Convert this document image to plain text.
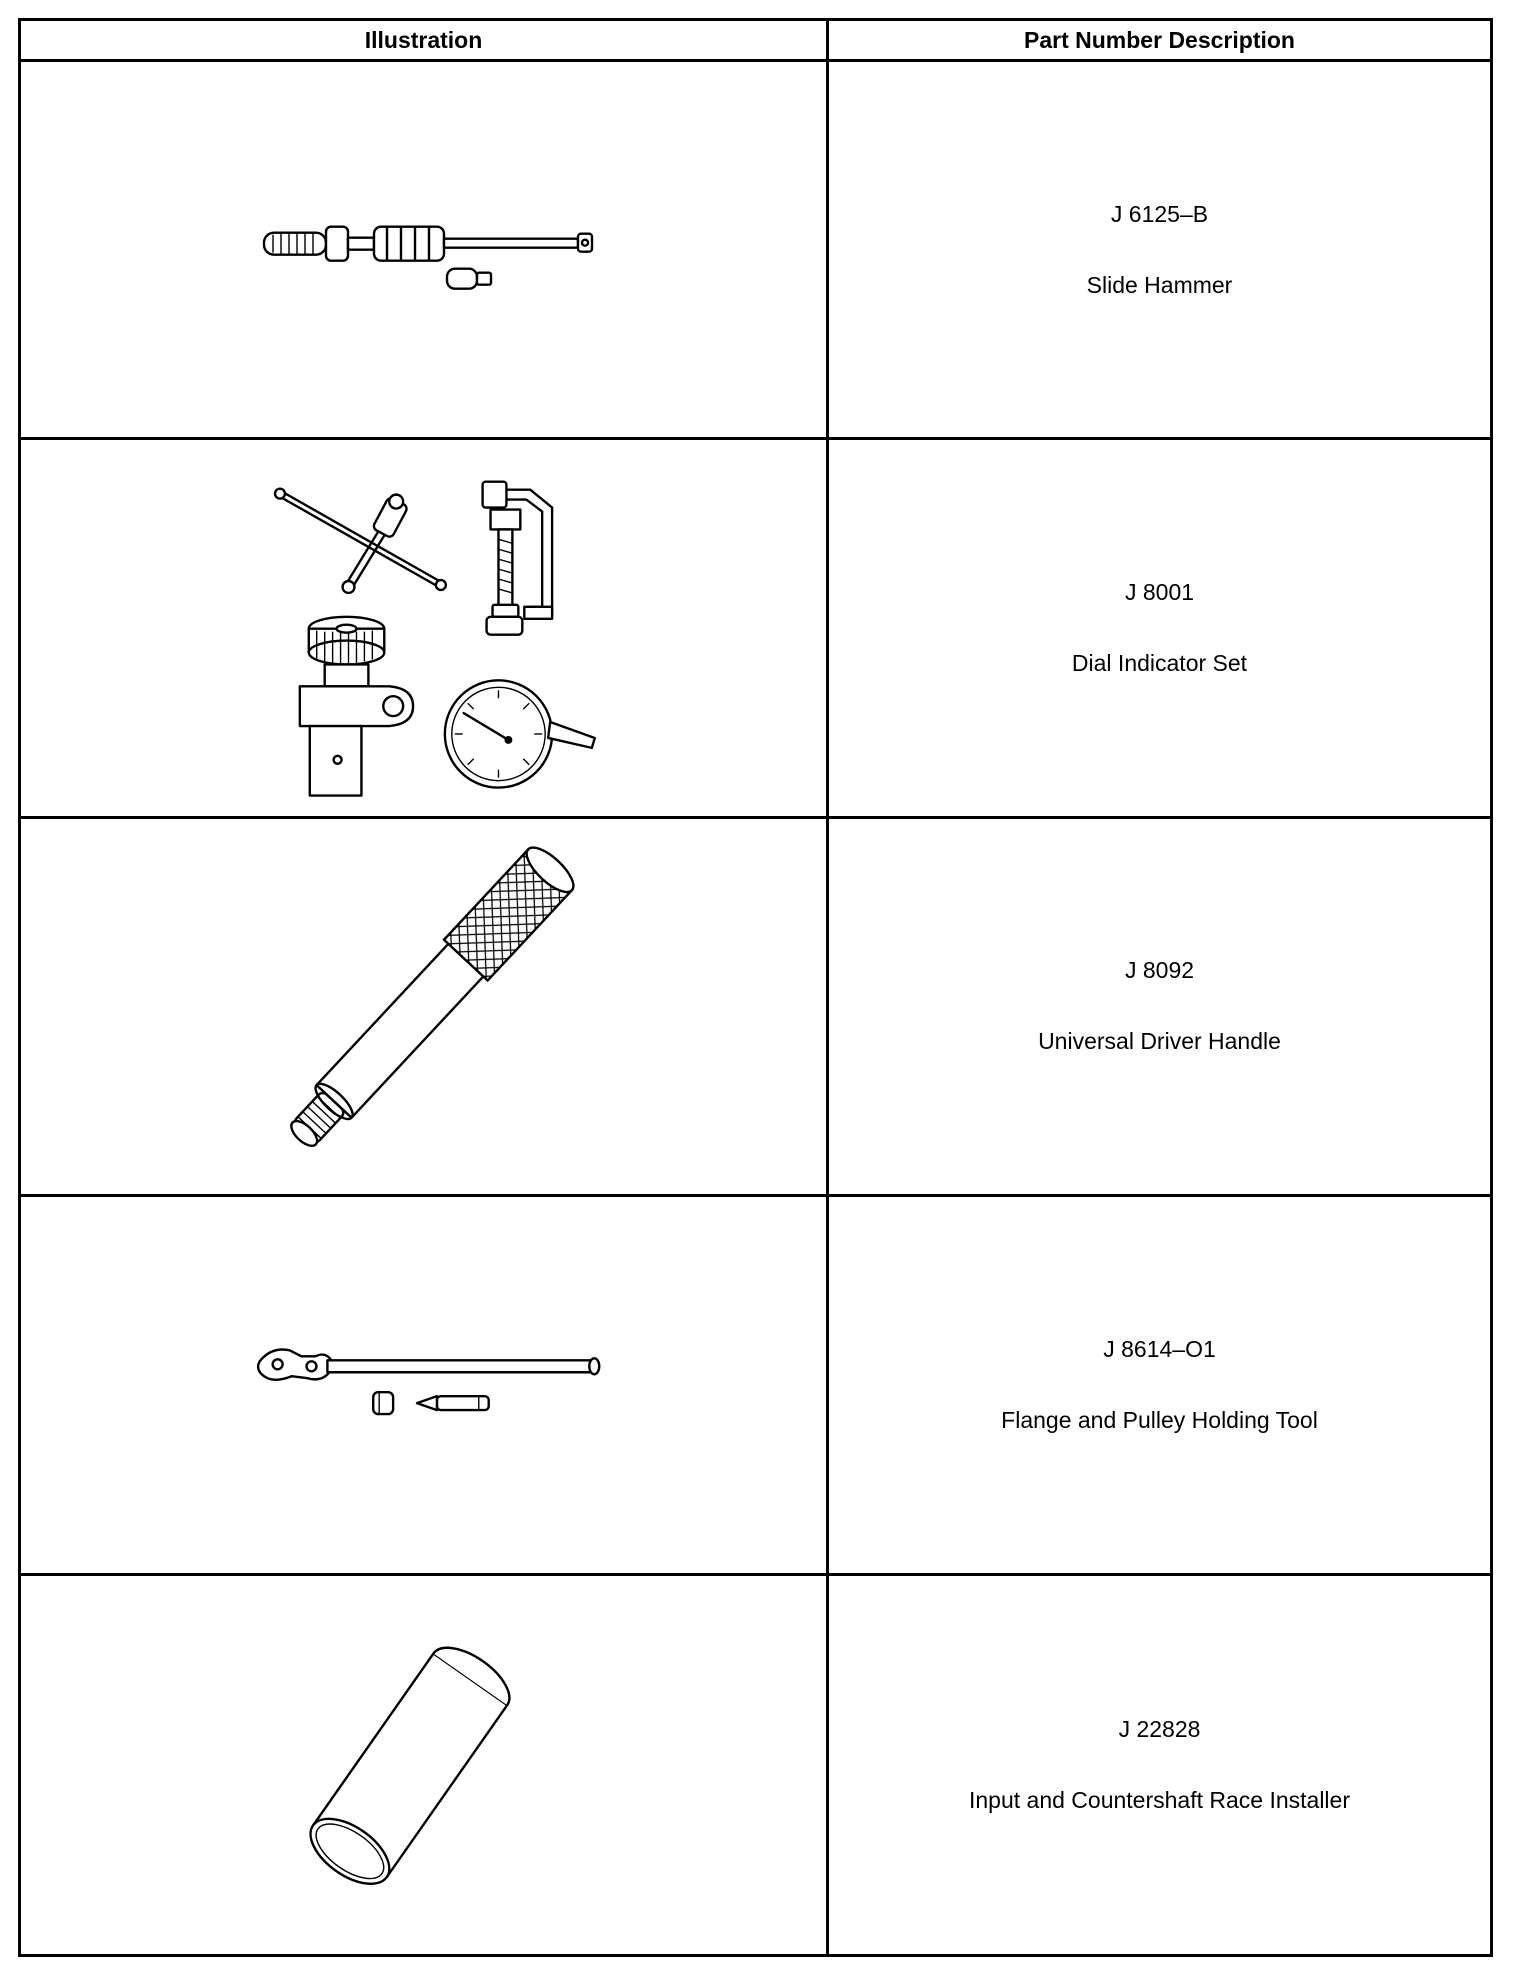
Illustration	Part Number Description
J 6125–B
Slide Hammer
J 8001
Dial Indicator Set
J 8092
Universal Driver Handle
J 8614–O1
Flange and Pulley Holding Tool
J 22828
Input and Countershaft Race Installer
